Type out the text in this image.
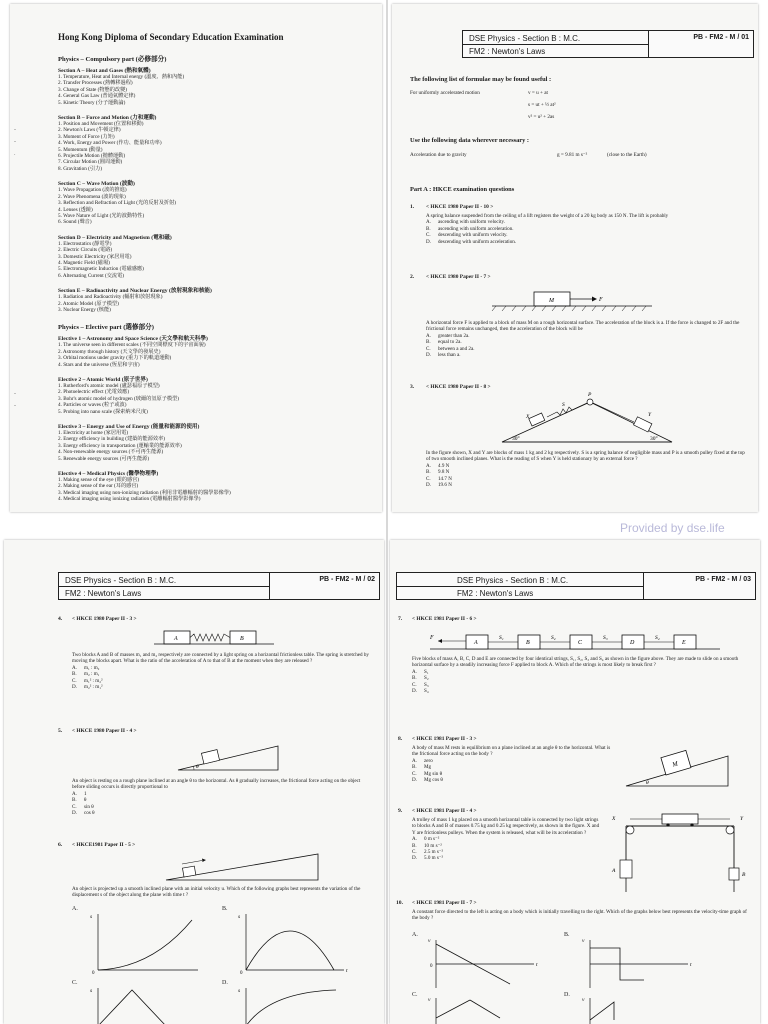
-
-
.

-
-
Hong Kong Diploma of Secondary Education Examination
Physics – Compulsory part (必修部分)
Section A – Heat and Gases (熱和氣體)
1. Temperature, Heat and Internal energy (溫度、熱和內能)
2. Transfer Processes (熱轉移過程)
3. Change of State (物態的改變)
4. General Gas Law (普通氣體定律)
5. Kinetic Theory (分子運動論)
Section B – Force and Motion (力和運動)
1. Position and Movement (位置和移動)
2. Newton's Laws (牛頓定律)
3. Moment of Force (力矩)
4. Work, Energy and Power (作功、能量和功率)
5. Momentum (動量)
6. Projectile Motion (拋體運動)
7. Circular Motion (圓周運動)
8. Gravitation (引力)
Section C – Wave Motion (波動)
1. Wave Propagation (波的推進)
2. Wave Phenomena (波的現象)
3. Reflection and Refraction of Light (光的反射及折射)
4. Lenses (透鏡)
5. Wave Nature of Light (光的波動特性)
6. Sound (聲音)
Section D – Electricity and Magnetism (電和磁)
1. Electrostatics (靜電學)
2. Electric Circuits (電路)
3. Domestic Electricity (家居用電)
4. Magnetic Field (磁場)
5. Electromagnetic Induction (電磁感應)
6. Alternating Current (交流電)
Section E – Radioactivity and Nuclear Energy (放射現象和核能)
1. Radiation and Radioactivity (輻射和放射現象)
2. Atomic Model (原子模型)
3. Nuclear Energy (核能)
Physics – Elective part (選修部分)
Elective 1 – Astronomy and Space Science (天文學和航天科學)
1. The universe seen in different scales (不同空間標度下的宇宙面貌)
2. Astronomy through history (天文學的發展史)
3. Orbital motions under gravity (重力下的軌道運動)
4. Stars and the universe (恆星和宇宙)
Elective 2 – Atomic World (原子世界)
1. Rutherford's atomic model (盧瑟福原子模型)
2. Photoelectric effect (光電效應)
3. Bohr's atomic model of hydrogen (玻爾的氫原子模型)
4. Particles or waves (粒子或波)
5. Probing into nano scale (探索納米尺度)
Elective 3 – Energy and Use of Energy (能量和能源的使用)
1. Electricity at home (家居用電)
2. Energy efficiency in building (建築的能源效率)
3. Energy efficiency in transportation (運輸業的能源效率)
4. Non-renewable energy sources (不可再生能源)
5. Renewable energy sources (可再生能源)
Elective 4 – Medical Physics (醫學物理學)
1. Making sense of the eye (眼的感官)
2. Making sense of the ear (耳的感官)
3. Medical imaging using non-ionizing radiation (利用非電離輻射的醫學影像學)
4. Medical imaging using ionizing radiation (電離輻射醫學影像學)
DSE Physics - Section B : M.C.
FM2 : Newton's Laws
PB - FM2 - M / 01
The following list of formulae may be found useful :
For uniformly accelerated motion	v = u + at
s = ut + ½ at²
v² = u² + 2as
Use the following data wherever necessary :
Acceleration due to gravity	g = 9.81 m s⁻²	(close to the Earth)
Part A : HKCE examination questions
1. < HKCE 1980 Paper II - 10 >
A spring balance suspended from the ceiling of a lift registers the weight of a 20 kg body as 150 N. The lift is probably
A. ascending with uniform velocity.
B. ascending with uniform acceleration.
C. descending with uniform velocity.
D. descending with uniform acceleration.
2. < HKCE 1980 Paper II - 7 >
M	F
A horizontal force F is applied to a block of mass M on a rough horizontal surface. The acceleration of the block is a. If the force is changed to 2F and the frictional force remains unchanged, then the acceleration of the block will be
A. greater than 2a.
B. equal to 2a.
C. between a and 2a.
D. less than a.
3. < HKCE 1980 Paper II - 8 >
30°	30°
X	Y
S
P
In the figure shown, X and Y are blocks of mass 1 kg and 2 kg respectively. S is a spring balance of negligible mass and P is a smooth pulley fixed at the top of two smooth inclined planes. What is the reading of S when Y is held stationary by an external force ?
A. 4.9 N
B. 9.8 N
C. 14.7 N
D. 19.6 N
Provided by dse.life
DSE Physics - Section B : M.C.
FM2 : Newton's Laws
PB - FM2 - M / 02
4. < HKCE 1980 Paper II - 3 >
A	B
Two blocks A and B of masses m₁ and m₂ respectively are connected by a light spring on a horizontal frictionless table. The spring is stretched by moving the blocks apart. What is the ratio of the acceleration of A to that of B at the moment when they are released ?
A. m₁ : m₂
B. m₂ : m₁
C. m₁² : m₂²
D. m₂² : m₁²
5. < HKCE 1980 Paper II - 4 >
θ
An object is resting on a rough plane inclined at an angle θ to the horizontal. As θ gradually increases, the frictional force acting on the object before sliding occurs is directly proportional to
A. 1
B. θ
C. sin θ
D. cos θ
6. < HKCE1981 Paper II - 5 >
An object is projected up a smooth inclined plane with an initial velocity u. Which of the following graphs best represents the variation of the displacement s of the object along the plane with time t ?
A.	B.
C.	D.
0
s
0
s
t
s	s
DSE Physics - Section B : M.C.
FM2 : Newton's Laws
PB - FM2 - M / 03
7. < HKCE 1981 Paper II - 6 >
A
S₁
B
S₂
C
S₃
D
S₄
E
F
Five blocks of mass A, B, C, D and E are connected by four identical strings, S₁, S₂, S₃ and S₄ as shown in the figure above. They are made to slide on a smooth horizontal surface by a steadily increasing force F applied to block A. Which of the strings is most likely to break first ?
A. S₁
B. S₂
C. S₃
D. S₄
8. < HKCE 1981 Paper II - 3 >
A body of mass M rests in equilibrium on a plane inclined at an angle θ to the horizontal. What is the frictional force acting on the body ?
A. zero
B. Mg
C. Mg sin θ
D. Mg cos θ
M
θ
9. < HKCE 1981 Paper II - 4 >
A trolley of mass 1 kg placed on a smooth horizontal table is connected by two light strings to blocks A and B of masses 0.75 kg and 0.25 kg respectively, as shown in the figure. X and Y are frictionless pulleys. When the system is released, what will be its acceleration ?
A. 0 m s⁻²
B. 10 m s⁻²
C. 2.5 m s⁻²
D. 5.0 m s⁻²
X	Y
A
B
10. < HKCE 1981 Paper II - 7 >
A constant force directed to the left is acting on a body which is initially travelling to the right. Which of the graphs below best represents the velocity-time graph of the body ?
A.	B.
C.	D.
v
0	t
v
t
v	v
